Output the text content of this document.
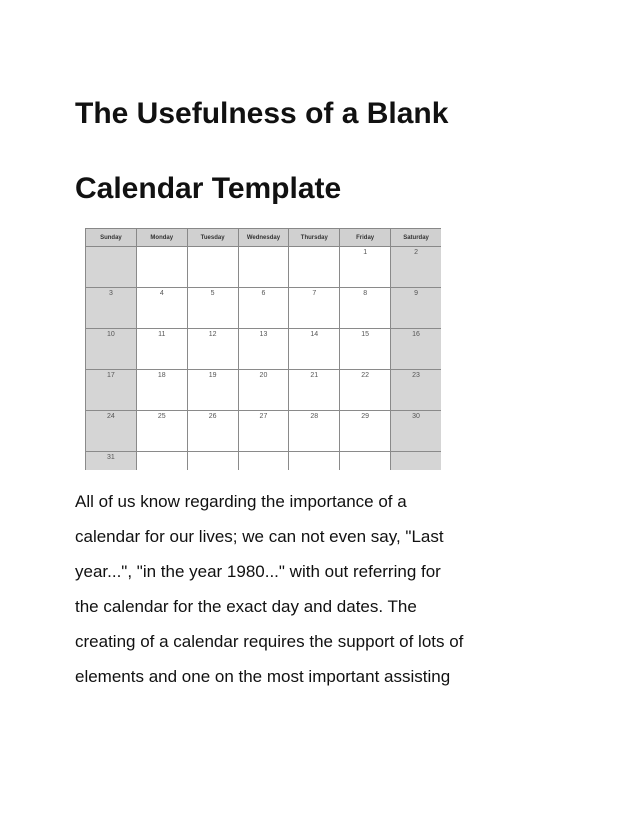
The Usefulness of a Blank
Calendar Template
Sunday	Monday	Tuesday	Wednesday	Thursday	Friday	Saturday
					1	2
3	4	5	6	7	8	9
10	11	12	13	14	15	16
17	18	19	20	21	22	23
24	25	26	27	28	29	30
31						
All of us know regarding the importance of a
calendar for our lives; we can not even say, "Last
year...", "in the year 1980..." with out referring for
the calendar for the exact day and dates. The
creating of a calendar requires the support of lots of
elements and one on the most important assisting
